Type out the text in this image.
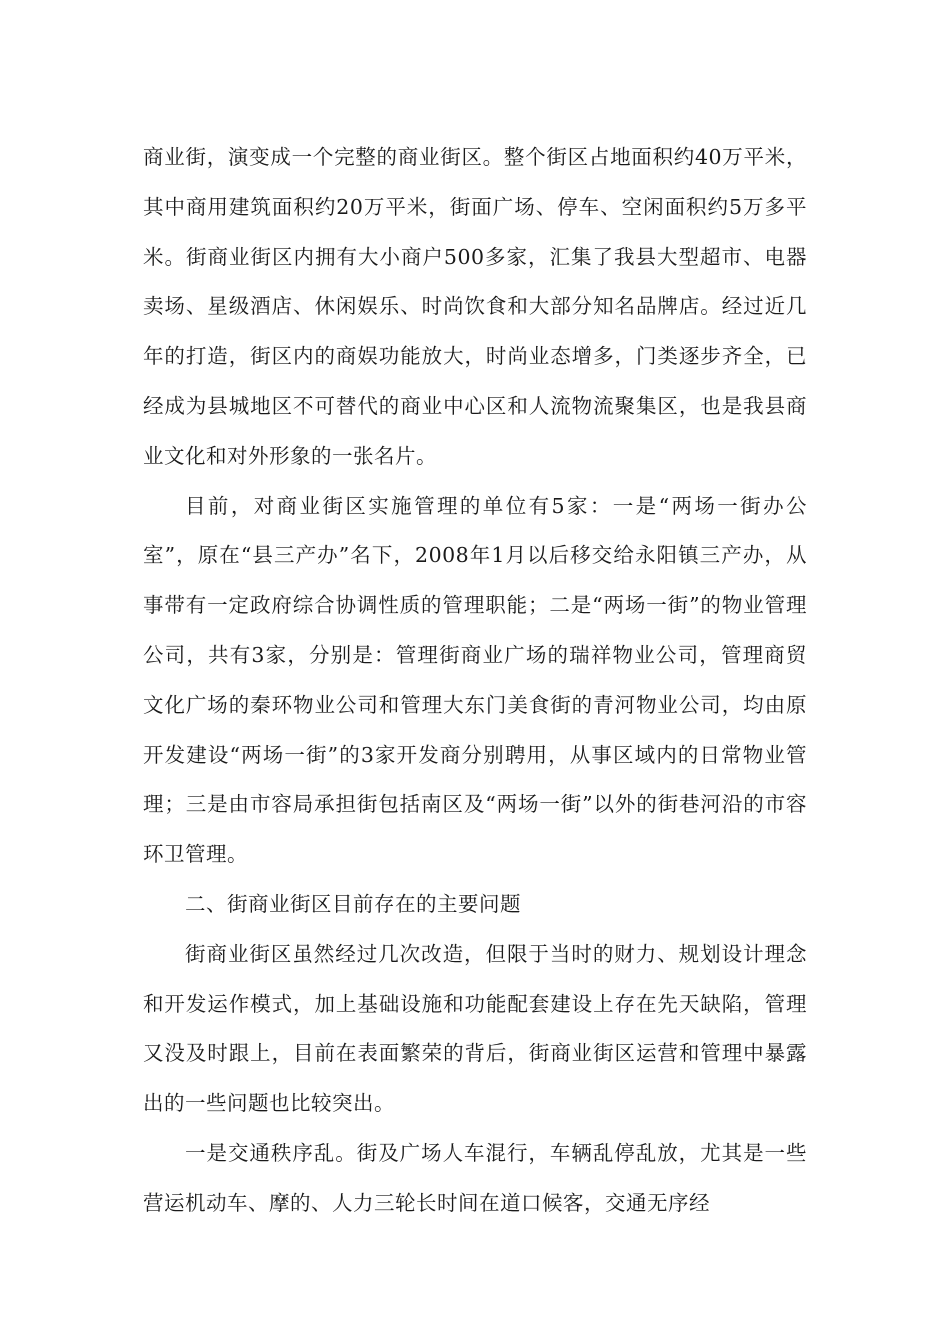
商业街，演变成一个完整的商业街区。整个街区占地面积约40万平米，其中商用建筑面积约20万平米，街面广场、停车、空闲面积约5万多平米。街商业街区内拥有大小商户500多家，汇集了我县大型超市、电器卖场、星级酒店、休闲娱乐、时尚饮食和大部分知名品牌店。经过近几年的打造，街区内的商娱功能放大，时尚业态增多，门类逐步齐全，已经成为县城地区不可替代的商业中心区和人流物流聚集区，也是我县商业文化和对外形象的一张名片。

目前，对商业街区实施管理的单位有5家：一是“两场一街办公室”，原在“县三产办”名下，2008年1月以后移交给永阳镇三产办，从事带有一定政府综合协调性质的管理职能；二是“两场一街”的物业管理公司，共有3家，分别是：管理街商业广场的瑞祥物业公司，管理商贸文化广场的秦环物业公司和管理大东门美食街的青河物业公司，均由原开发建设“两场一街”的3家开发商分别聘用，从事区域内的日常物业管理；三是由市容局承担街包括南区及“两场一街”以外的街巷河沿的市容环卫管理。

二、街商业街区目前存在的主要问题

街商业街区虽然经过几次改造，但限于当时的财力、规划设计理念和开发运作模式，加上基础设施和功能配套建设上存在先天缺陷，管理又没及时跟上，目前在表面繁荣的背后，街商业街区运营和管理中暴露出的一些问题也比较突出。

一是交通秩序乱。街及广场人车混行，车辆乱停乱放，尤其是一些营运机动车、摩的、人力三轮长时间在道口候客，交通无序经
